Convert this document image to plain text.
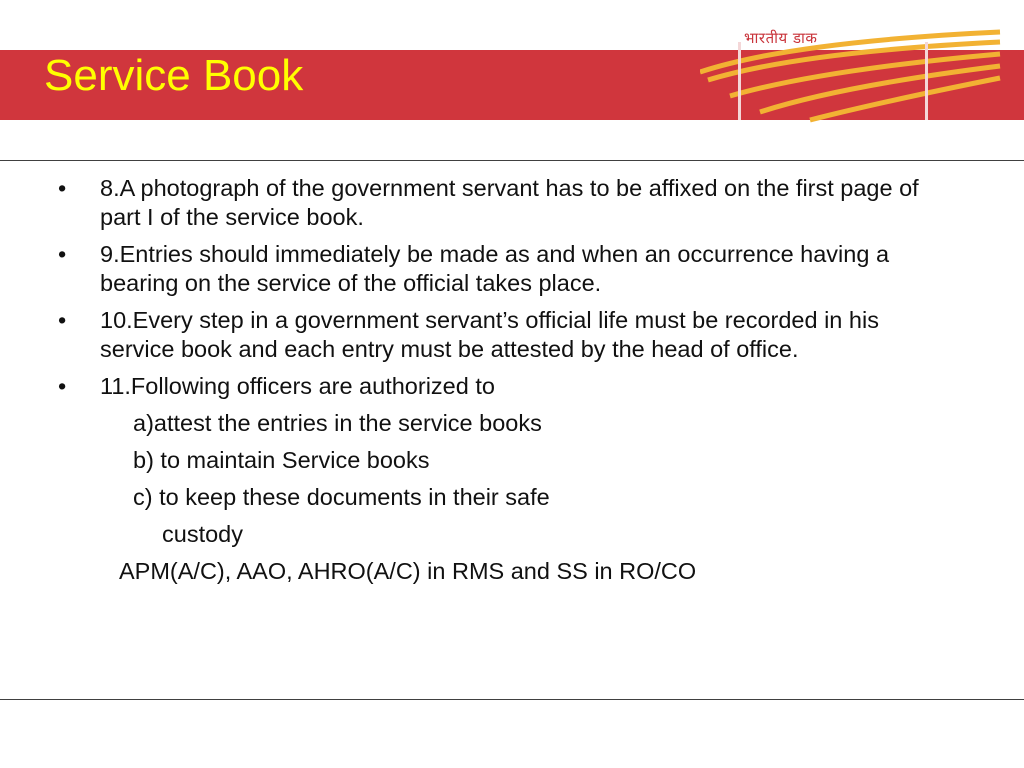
Service Book
भारतीय डाक
• 8.A photograph of the government servant has to be affixed on the first page of part I of the service book.
• 9.Entries should immediately be made as and when an occurrence having a bearing on the service of the official takes place.
• 10.Every step in a government servant’s official life must be recorded in his service book and each entry must be attested by the head of office.
• 11.Following officers are authorized to
a)attest the entries in the service books
b) to maintain Service books
c) to keep these documents in their safe
custody
APM(A/C), AAO, AHRO(A/C) in RMS and SS in RO/CO
